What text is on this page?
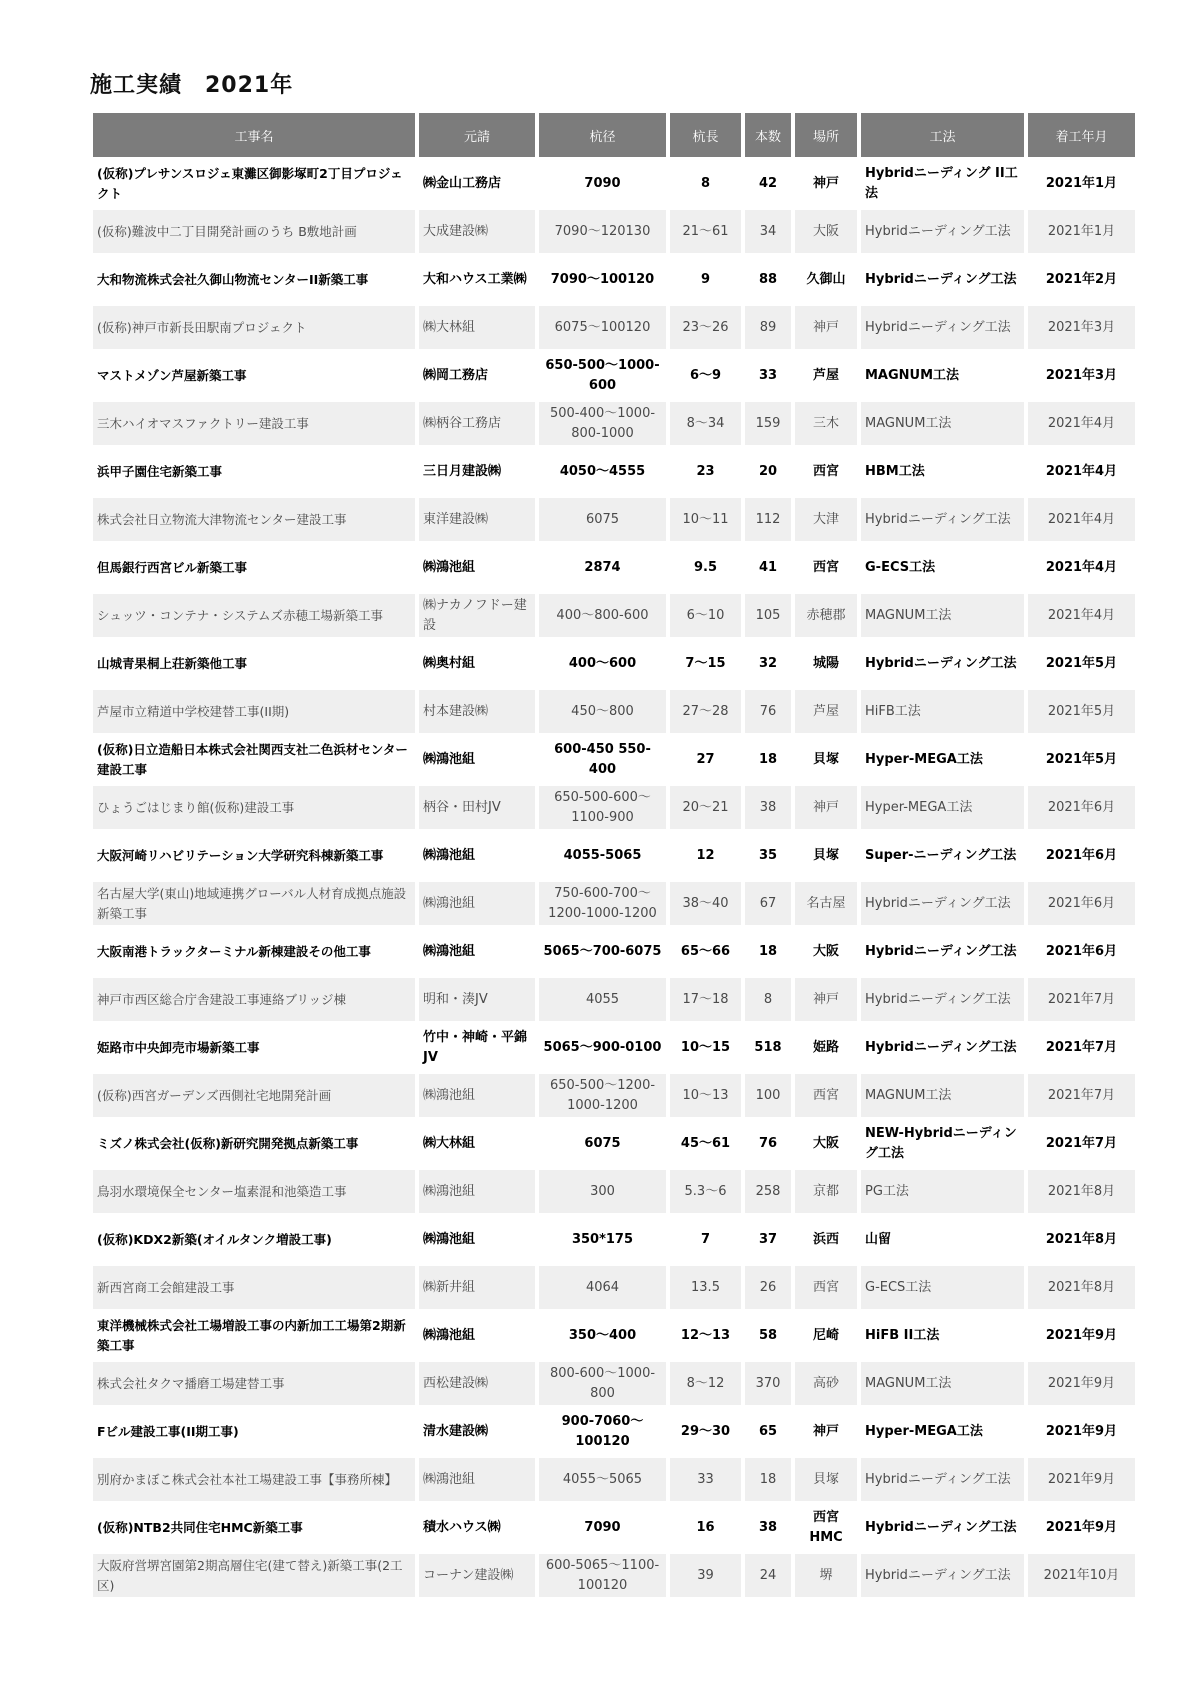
施工実績　2021年
工事名	元請	杭径	杭長	本数	場所	工法	着工年月
(仮称)プレサンスロジェ東灘区御影塚町2丁目プロジェクト	㈱金山工務店	7090	8	42	神戸	Hybridニーディング II工法	2021年1月
(仮称)難波中二丁目開発計画のうち B敷地計画	大成建設㈱	7090～120130	21～61	34	大阪	Hybridニーディング工法	2021年1月
大和物流株式会社久御山物流センターII新築工事	大和ハウス工業㈱	7090～100120	9	88	久御山	Hybridニーディング工法	2021年2月
(仮称)神戸市新長田駅南プロジェクト	㈱大林組	6075～100120	23～26	89	神戸	Hybridニーディング工法	2021年3月
マストメゾン芦屋新築工事	㈱岡工務店	650-500～1000-600	6～9	33	芦屋	MAGNUM工法	2021年3月
三木ハイオマスファクトリー建設工事	㈱柄谷工務店	500-400～1000-800-1000	8～34	159	三木	MAGNUM工法	2021年4月
浜甲子園住宅新築工事	三日月建設㈱	4050～4555	23	20	西宮	HBM工法	2021年4月
株式会社日立物流大津物流センター建設工事	東洋建設㈱	6075	10～11	112	大津	Hybridニーディング工法	2021年4月
但馬銀行西宮ビル新築工事	㈱鴻池組	2874	9.5	41	西宮	G-ECS工法	2021年4月
シュッツ・コンテナ・システムズ赤穂工場新築工事	㈱ナカノフドー建設	400～800-600	6～10	105	赤穂郡	MAGNUM工法	2021年4月
山城青果桐上荘新築他工事	㈱奥村組	400～600	7～15	32	城陽	Hybridニーディング工法	2021年5月
芦屋市立精道中学校建替工事(II期)	村本建設㈱	450～800	27～28	76	芦屋	HiFB工法	2021年5月
(仮称)日立造船日本株式会社関西支社二色浜材センター建設工事	㈱鴻池組	600-450 550-400	27	18	貝塚	Hyper-MEGA工法	2021年5月
ひょうごはじまり館(仮称)建設工事	柄谷・田村JV	650-500-600～1100-900	20～21	38	神戸	Hyper-MEGA工法	2021年6月
大阪河崎リハビリテーション大学研究科棟新築工事	㈱鴻池組	4055-5065	12	35	貝塚	Super-ニーディング工法	2021年6月
名古屋大学(東山)地域連携グローバル人材育成拠点施設新築工事	㈱鴻池組	750-600-700～1200-1000-1200	38～40	67	名古屋	Hybridニーディング工法	2021年6月
大阪南港トラックターミナル新棟建設その他工事	㈱鴻池組	5065～700-6075	65～66	18	大阪	Hybridニーディング工法	2021年6月
神戸市西区総合庁舎建設工事連絡ブリッジ棟	明和・湊JV	4055	17～18	8	神戸	Hybridニーディング工法	2021年7月
姫路市中央卸売市場新築工事	竹中・神崎・平錦JV	5065～900-0100	10～15	518	姫路	Hybridニーディング工法	2021年7月
(仮称)西宮ガーデンズ西側社宅地開発計画	㈱鴻池組	650-500～1200-1000-1200	10～13	100	西宮	MAGNUM工法	2021年7月
ミズノ株式会社(仮称)新研究開発拠点新築工事	㈱大林組	6075	45～61	76	大阪	NEW-Hybridニーディング工法	2021年7月
鳥羽水環境保全センター塩素混和池築造工事	㈱鴻池組	300	5.3～6	258	京都	PG工法	2021年8月
(仮称)KDX2新築(オイルタンク増設工事)	㈱鴻池組	350*175	7	37	浜西	山留	2021年8月
新西宮商工会館建設工事	㈱新井組	4064	13.5	26	西宮	G-ECS工法	2021年8月
東洋機械株式会社工場増設工事の内新加工工場第2期新築工事	㈱鴻池組	350～400	12～13	58	尼崎	HiFB II工法	2021年9月
株式会社タクマ播磨工場建替工事	西松建設㈱	800-600～1000-800	8～12	370	高砂	MAGNUM工法	2021年9月
Fビル建設工事(II期工事)	清水建設㈱	900-7060～100120	29～30	65	神戸	Hyper-MEGA工法	2021年9月
別府かまぼこ株式会社本社工場建設工事【事務所棟】	㈱鴻池組	4055～5065	33	18	貝塚	Hybridニーディング工法	2021年9月
(仮称)NTB2共同住宅HMC新築工事	積水ハウス㈱	7090	16	38	西宮HMC	Hybridニーディング工法	2021年9月
大阪府営堺宮園第2期高層住宅(建て替え)新築工事(2工区)	コーナン建設㈱	600-5065～1100-100120	39	24	堺	Hybridニーディング工法	2021年10月
